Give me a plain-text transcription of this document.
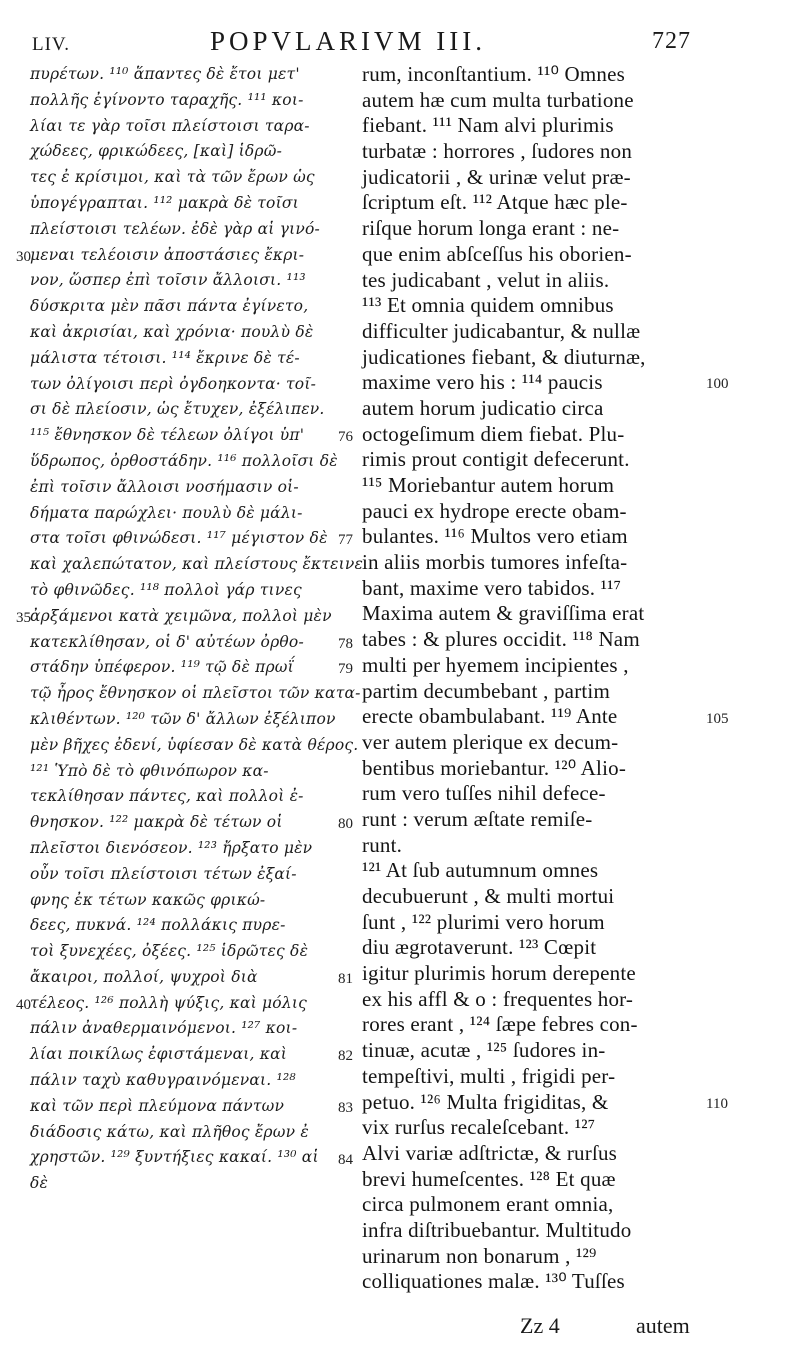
LIV.	POPVLARIVM III.	727
πυρέτων. ¹¹⁰ ἅπαντες δὲ ἔτοι μετ'
πολλῆς ἐγίνοντο ταραχῆς. ¹¹¹ κοι-
λίαι τε γὰρ τοῖσι πλείστοισι ταρα-
χώδεες, φρικώδεες, [καὶ] ἱδρῶ-
τες ἐ κρίσιμοι, καὶ τὰ τῶν ἔρων ὡς
ὑπογέγραπται. ¹¹² μακρὰ δὲ τοῖσι
πλείστοισι τελέων. ἐδὲ γὰρ αἱ γινό-
μεναι τελέοισιν ἀποστάσιες ἔκρι-
νον, ὥσπερ ἐπὶ τοῖσιν ἄλλοισι. ¹¹³
δύσκριτα μὲν πᾶσι πάντα ἐγίνετο,
καὶ ἀκρισίαι, καὶ χρόνια· πουλὺ δὲ
μάλιστα τέτοισι. ¹¹⁴ ἔκρινε δὲ τέ-
των ὀλίγοισι περὶ ὀγδοηκοντα· τοῖ-
σι δὲ πλείοσιν, ὡς ἔτυχεν, ἐξέλιπεν.
¹¹⁵ ἔθνησκον δὲ τέλεων ὀλίγοι ὑπ'
ὕδρωπος, ὀρθοστάδην. ¹¹⁶ πολλοῖσι δὲ
ἐπὶ τοῖσιν ἄλλοισι νοσήμασιν οἱ-
δήματα παρώχλει· πουλὺ δὲ μάλι-
στα τοῖσι φθινώδεσι. ¹¹⁷ μέγιστον δὲ
καὶ χαλεπώτατον, καὶ πλείστους ἔκτεινε
τὸ φθινῶδες. ¹¹⁸ πολλοὶ γάρ τινες
ἀρξάμενοι κατὰ χειμῶνα, πολλοὶ μὲν
κατεκλίθησαν, οἱ δ' αὐτέων ὀρθο-
στάδην ὑπέφερον. ¹¹⁹ τῷ δὲ πρωΐ
τῷ ἦρος ἔθνησκον οἱ πλεῖστοι τῶν κατα-
κλιθέντων. ¹²⁰ τῶν δ' ἄλλων ἐξέλιπον
μὲν βῆχες ἐδενί, ὑφίεσαν δὲ κατὰ θέρος.
¹²¹ Ὑπὸ δὲ τὸ φθινόπωρον κα-
τεκλίθησαν πάντες, καὶ πολλοὶ ἐ-
θνησκον. ¹²² μακρὰ δὲ τέτων οἱ
πλεῖστοι διενόσεον. ¹²³ ἤρξατο μὲν
οὖν τοῖσι πλείστοισι τέτων ἐξαί-
φνης ἐκ τέτων κακῶς φρικώ-
δεες, πυκνά. ¹²⁴ πολλάκις πυρε-
τοὶ ξυνεχέες, ὀξέες. ¹²⁵ ἱδρῶτες δὲ
ἄκαιροι, πολλοί, ψυχροὶ διὰ
τέλεος. ¹²⁶ πολλὴ ψύξις, καὶ μόλις
πάλιν ἀναθερμαινόμενοι. ¹²⁷ κοι-
λίαι ποικίλως ἐφιστάμεναι, καὶ
πάλιν ταχὺ καθυγραινόμεναι. ¹²⁸
καὶ τῶν περὶ πλεύμονα πάντων
διάδοσις κάτω, καὶ πλῆθος ἔρων ἐ
χρηστῶν. ¹²⁹ ξυντήξιες κακαί. ¹³⁰ αἱ
δὲ
rum, inconſtantium. ¹¹⁰ Omnes
autem hæ cum multa turbatione
fiebant. ¹¹¹ Nam alvi plurimis
turbatæ : horrores , ſudores non
judicatorii , & urinæ velut præ-
ſcriptum eſt. ¹¹² Atque hæc ple-
riſque horum longa erant : ne-
que enim abſceſſus his oborien-
tes judicabant , velut in aliis.
¹¹³ Et omnia quidem omnibus
difficulter judicabantur, & nullæ
judicationes fiebant, & diuturnæ,
maxime vero his : ¹¹⁴ paucis
autem horum judicatio circa
octogeſimum diem fiebat. Plu-
rimis prout contigit defecerunt.
¹¹⁵ Moriebantur autem horum
pauci ex hydrope erecte obam-
bulantes. ¹¹⁶ Multos vero etiam
in aliis morbis tumores infeſta-
bant, maxime vero tabidos. ¹¹⁷
Maxima autem & graviſſima erat
tabes : & plures occidit. ¹¹⁸ Nam
multi per hyemem incipientes ,
partim decumbebant , partim
erecte obambulabant. ¹¹⁹ Ante
ver autem plerique ex decum-
bentibus moriebantur. ¹²⁰ Alio-
rum vero tuſſes nihil defece-
runt : verum æſtate remiſe-
runt.
¹²¹ At ſub autumnum omnes
decubuerunt , & multi mortui
ſunt , ¹²² plurimi vero horum
diu ægrotaverunt. ¹²³ Cœpit
igitur plurimis horum derepente
ex his affl & o : frequentes hor-
rores erant , ¹²⁴ ſæpe febres con-
tinuæ, acutæ , ¹²⁵ ſudores in-
tempeſtivi, multi , frigidi per-
petuo. ¹²⁶ Multa frigiditas, &
vix rurſus recaleſcebant. ¹²⁷
Alvi variæ adſtrictæ, & rurſus
brevi humeſcentes. ¹²⁸ Et quæ
circa pulmonem erant omnia,
infra diſtribuebantur. Multitudo
urinarum non bonarum , ¹²⁹
colliquationes malæ. ¹³⁰ Tuſſes
30
35
40
76
77
78
79
80
81
82
83
84
100
105
110
Zz 4	autem
